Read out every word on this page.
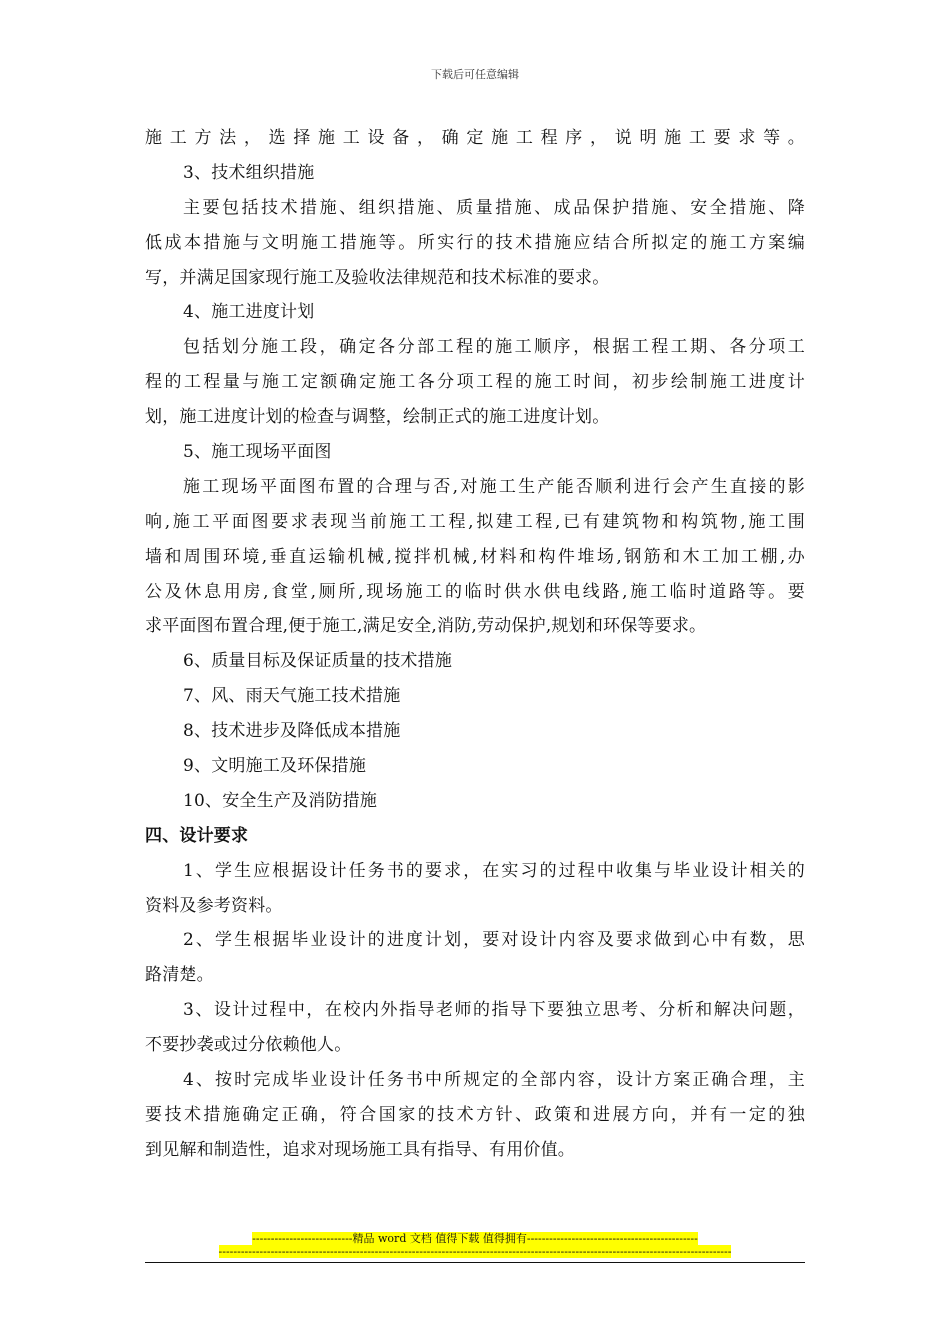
下载后可任意编辑
施工方法，选择施工设备，确定施工程序，说明施工要求等。
3、技术组织措施
主要包括技术措施、组织措施、质量措施、成品保护措施、安全措施、降
低成本措施与文明施工措施等。所实行的技术措施应结合所拟定的施工方案编
写，并满足国家现行施工及验收法律规范和技术标准的要求。
4、施工进度计划
包括划分施工段，确定各分部工程的施工顺序，根据工程工期、各分项工
程的工程量与施工定额确定施工各分项工程的施工时间，初步绘制施工进度计
划，施工进度计划的检查与调整，绘制正式的施工进度计划。
5、施工现场平面图
施工现场平面图布置的合理与否,对施工生产能否顺利进行会产生直接的影
响,施工平面图要求表现当前施工工程,拟建工程,已有建筑物和构筑物,施工围
墙和周围环境,垂直运输机械,搅拌机械,材料和构件堆场,钢筋和木工加工棚,办
公及休息用房,食堂,厕所,现场施工的临时供水供电线路,施工临时道路等。要
求平面图布置合理,便于施工,满足安全,消防,劳动保护,规划和环保等要求。
6、质量目标及保证质量的技术措施
7、风、雨天气施工技术措施
8、技术进步及降低成本措施
9、文明施工及环保措施
10、安全生产及消防措施
四、设计要求
1、学生应根据设计任务书的要求，在实习的过程中收集与毕业设计相关的
资料及参考资料。
2、学生根据毕业设计的进度计划，要对设计内容及要求做到心中有数，思
路清楚。
3、设计过程中，在校内外指导老师的指导下要独立思考、分析和解决问题，
不要抄袭或过分依赖他人。
4、按时完成毕业设计任务书中所规定的全部内容，设计方案正确合理，主
要技术措施确定正确，符合国家的技术方针、政策和进展方向，并有一定的独
到见解和制造性，追求对现场施工具有指导、有用价值。
---------------------------精品 word 文档 值得下载 值得拥有----------------------------------------------
------------------------------------------------------------------------------------------------------------------------------------------
